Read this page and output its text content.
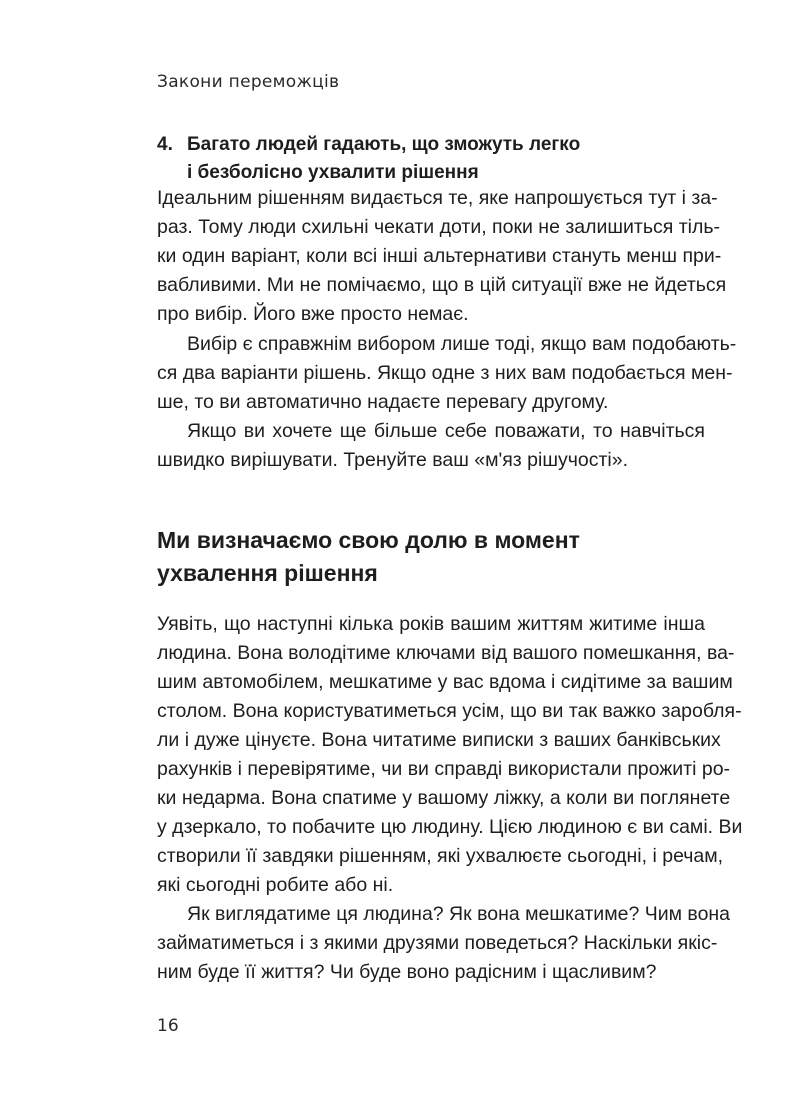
Закони переможців
4. Багато людей гадають, що зможуть легко
і безболісно ухвалити рішення
Ідеальним рішенням видається те, яке напрошується тут і за-
раз. Тому люди схильні чекати доти, поки не залишиться тіль-
ки один варіант, коли всі інші альтернативи стануть менш при-
вабливими. Ми не помічаємо, що в цій ситуації вже не йдеться
про вибір. Його вже просто немає.
Вибір є справжнім вибором лише тоді, якщо вам подобають-
ся два варіанти рішень. Якщо одне з них вам подобається мен-
ше, то ви автоматично надаєте перевагу другому.
Якщо ви хочете ще більше себе поважати, то навчіться
швидко вирішувати. Тренуйте ваш «м'яз рішучості».
Ми визначаємо свою долю в момент
ухвалення рішення
Уявіть, що наступні кілька років вашим життям житиме інша
людина. Вона володітиме ключами від вашого помешкання, ва-
шим автомобілем, мешкатиме у вас вдома і сидітиме за вашим
столом. Вона користуватиметься усім, що ви так важко заробля-
ли і дуже цінуєте. Вона читатиме виписки з ваших банківських
рахунків і перевірятиме, чи ви справді використали прожиті ро-
ки недарма. Вона спатиме у вашому ліжку, а коли ви поглянете
у дзеркало, то побачите цю людину. Цією людиною є ви самі. Ви
створили її завдяки рішенням, які ухвалюєте сьогодні, і речам,
які сьогодні робите або ні.
Як виглядатиме ця людина? Як вона мешкатиме? Чим вона
займатиметься і з якими друзями поведеться? Наскільки якіс-
ним буде її життя? Чи буде воно радісним і щасливим?
16
